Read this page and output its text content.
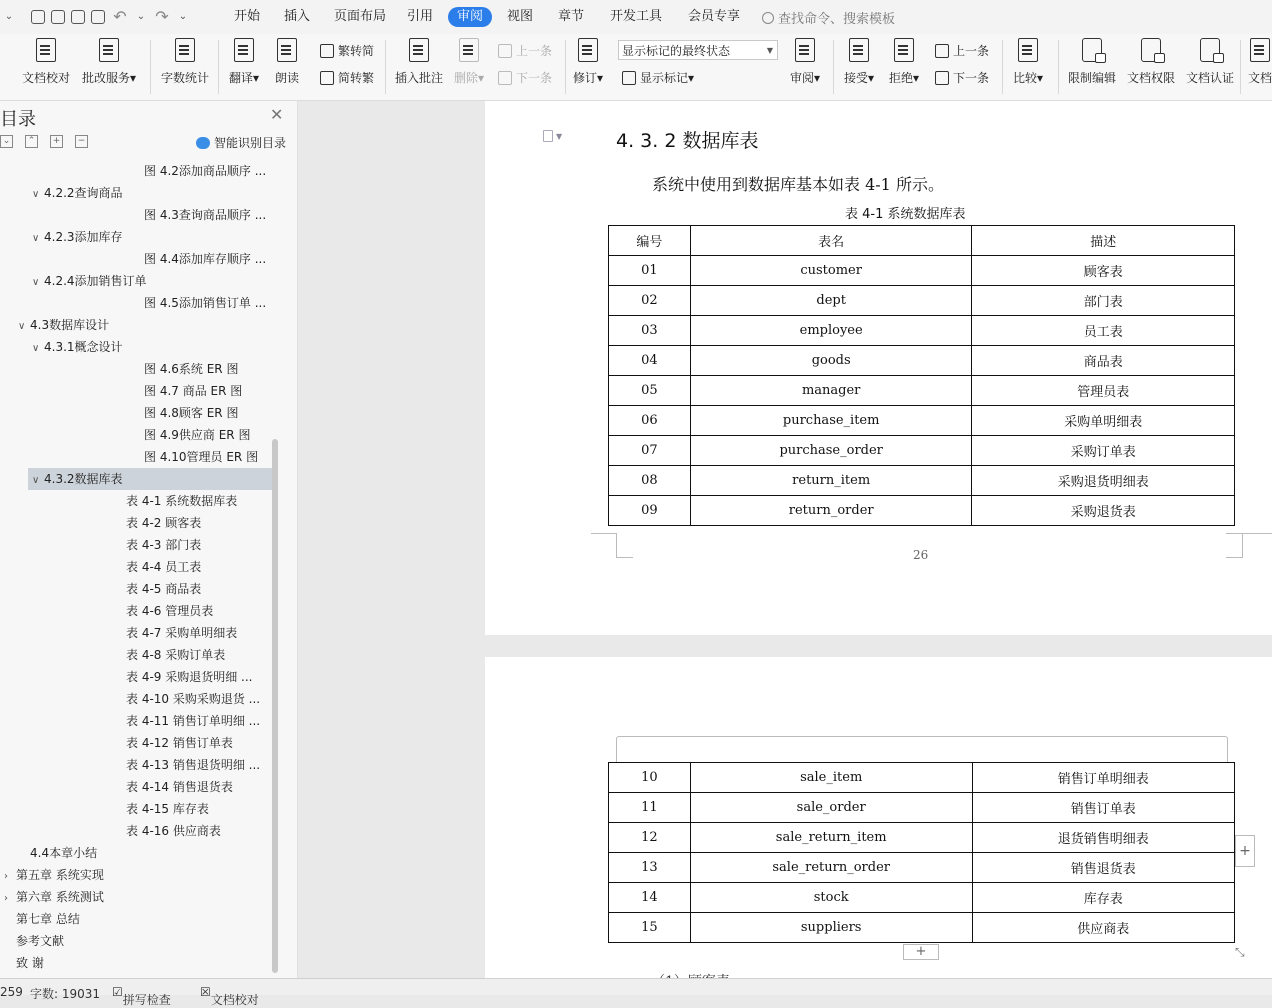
⌄	↶ ⌄ ↷ ⌄	开始	插入	页面布局	引用	审阅	视图	章节	开发工具	会员专享	查找命令、搜索模板
文档校对 批改服务▾ 字数统计 翻译▾ 朗读
繁转简
简转繁 插入批注 删除▾
上一条
下一条 修订▾
显示标记的最终状态	▼
显示标记 ▾	审阅▾ 接受▾ 拒绝▾
上一条
下一条 比较▾ 限制编辑 文档权限 文档认证 文档
目录	✕
⌄	⌃	+	−	智能识别目录
图 4.2添加商品顺序 ...
∨ 4.2.2查询商品
图 4.3查询商品顺序 ...
∨ 4.2.3添加库存
图 4.4添加库存顺序 ...
∨ 4.2.4添加销售订单
图 4.5添加销售订单 ...
∨ 4.3数据库设计
∨ 4.3.1概念设计
图 4.6系统 ER 图
图 4.7 商品 ER 图
图 4.8顾客 ER 图
图 4.9供应商 ER 图
图 4.10管理员 ER 图
∨ 4.3.2数据库表
表 4-1 系统数据库表
表 4-2 顾客表
表 4-3 部门表
表 4-4 员工表
表 4-5 商品表
表 4-6 管理员表
表 4-7 采购单明细表
表 4-8 采购订单表
表 4-9 采购退货明细 ...
表 4-10 采购采购退货 ...
表 4-11 销售订单明细 ...
表 4-12 销售订单表
表 4-13 销售退货明细 ...
表 4-14 销售退货表
表 4-15 库存表
表 4-16 供应商表
4.4本章小结
› 第五章 系统实现
› 第六章 系统测试
第七章 总结
参考文献
致 谢
▼	4. 3. 2 数据库表
系统中使用到数据库基本如表 4-1 所示。
表 4-1 系统数据库表
编号	表名	描述
01	customer	顾客表
02	dept	部门表
03	employee	员工表
04	goods	商品表
05	manager	管理员表
06	purchase_item	采购单明细表
07	purchase_order	采购订单表
08	return_item	采购退货明细表
09	return_order	采购退货表
26
10	sale_item	销售订单明细表
11	sale_order	销售订单表
12	sale_return_item	退货销售明细表
13	sale_return_order	销售退货表
14	stock	库存表
15	suppliers	供应商表
+
+	⤡
259 字数: 19031 ☑
拼写检查
☒
文档校对
